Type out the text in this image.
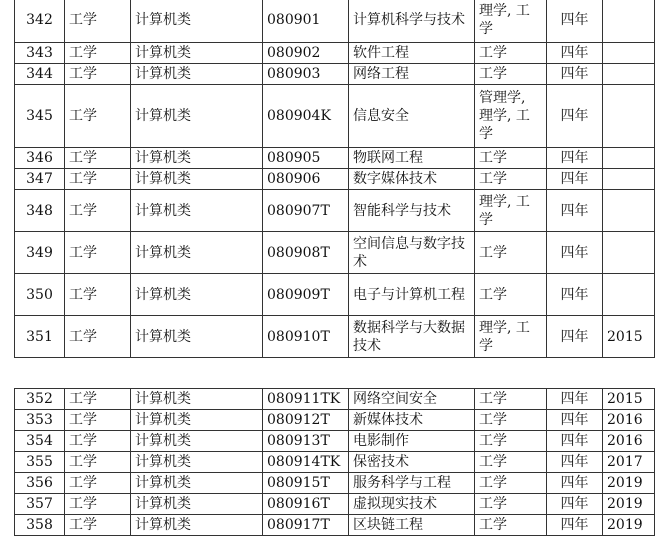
342	工学	计算机类	080901	计算机科学与技术	理学, 工学	四年	
343	工学	计算机类	080902	软件工程	工学	四年	
344	工学	计算机类	080903	网络工程	工学	四年	
345	工学	计算机类	080904K	信息安全	管理学, 理学, 工学	四年	
346	工学	计算机类	080905	物联网工程	工学	四年	
347	工学	计算机类	080906	数字媒体技术	工学	四年	
348	工学	计算机类	080907T	智能科学与技术	理学, 工学	四年	
349	工学	计算机类	080908T	空间信息与数字技术	工学	四年	
350	工学	计算机类	080909T	电子与计算机工程	工学	四年	
351	工学	计算机类	080910T	数据科学与大数据技术	理学, 工学	四年	2015
352	工学	计算机类	080911TK	网络空间安全	工学	四年	2015
353	工学	计算机类	080912T	新媒体技术	工学	四年	2016
354	工学	计算机类	080913T	电影制作	工学	四年	2016
355	工学	计算机类	080914TK	保密技术	工学	四年	2017
356	工学	计算机类	080915T	服务科学与工程	工学	四年	2019
357	工学	计算机类	080916T	虚拟现实技术	工学	四年	2019
358	工学	计算机类	080917T	区块链工程	工学	四年	2019
